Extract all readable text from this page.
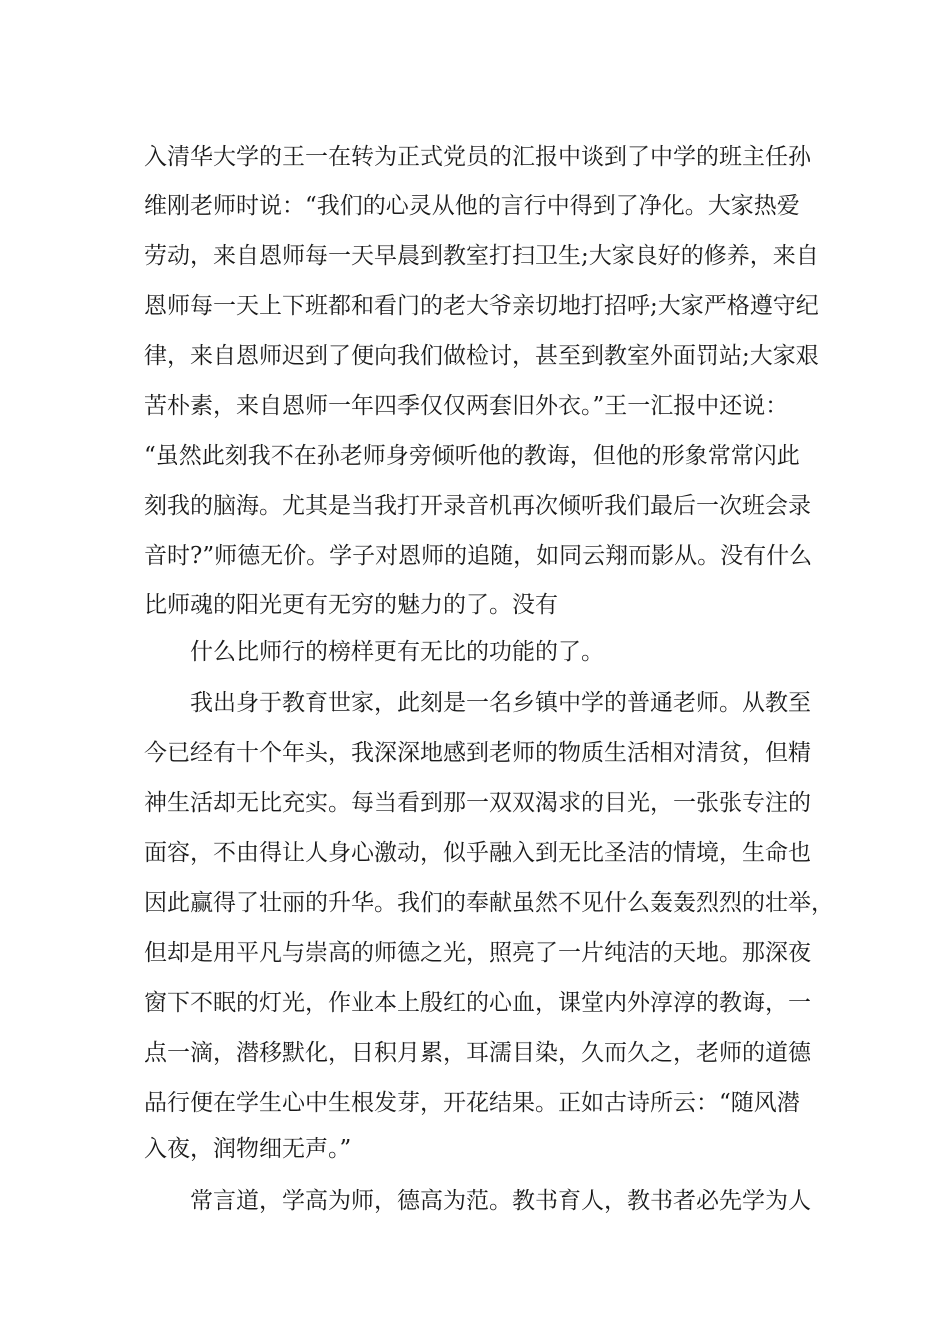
入清华大学的王一在转为正式党员的汇报中谈到了中学的班主任孙
维刚老师时说：“我们的心灵从他的言行中得到了净化。大家热爱
劳动，来自恩师每一天早晨到教室打扫卫生;大家良好的修养，来自
恩师每一天上下班都和看门的老大爷亲切地打招呼;大家严格遵守纪
律，来自恩师迟到了便向我们做检讨，甚至到教室外面罚站;大家艰
苦朴素，来自恩师一年四季仅仅两套旧外衣。”王一汇报中还说：
“虽然此刻我不在孙老师身旁倾听他的教诲，但他的形象常常闪此
刻我的脑海。尤其是当我打开录音机再次倾听我们最后一次班会录
音时?”师德无价。学子对恩师的追随，如同云翔而影从。没有什么
比师魂的阳光更有无穷的魅力的了。没有
什么比师行的榜样更有无比的功能的了。
我出身于教育世家，此刻是一名乡镇中学的普通老师。从教至
今已经有十个年头，我深深地感到老师的物质生活相对清贫，但精
神生活却无比充实。每当看到那一双双渴求的目光，一张张专注的
面容，不由得让人身心激动，似乎融入到无比圣洁的情境，生命也
因此赢得了壮丽的升华。我们的奉献虽然不见什么轰轰烈烈的壮举，
但却是用平凡与崇高的师德之光，照亮了一片纯洁的天地。那深夜
窗下不眠的灯光，作业本上殷红的心血，课堂内外淳淳的教诲，一
点一滴，潜移默化，日积月累，耳濡目染，久而久之，老师的道德
品行便在学生心中生根发芽，开花结果。正如古诗所云：“随风潜
入夜，润物细无声。”
常言道，学高为师，德高为范。教书育人，教书者必先学为人
